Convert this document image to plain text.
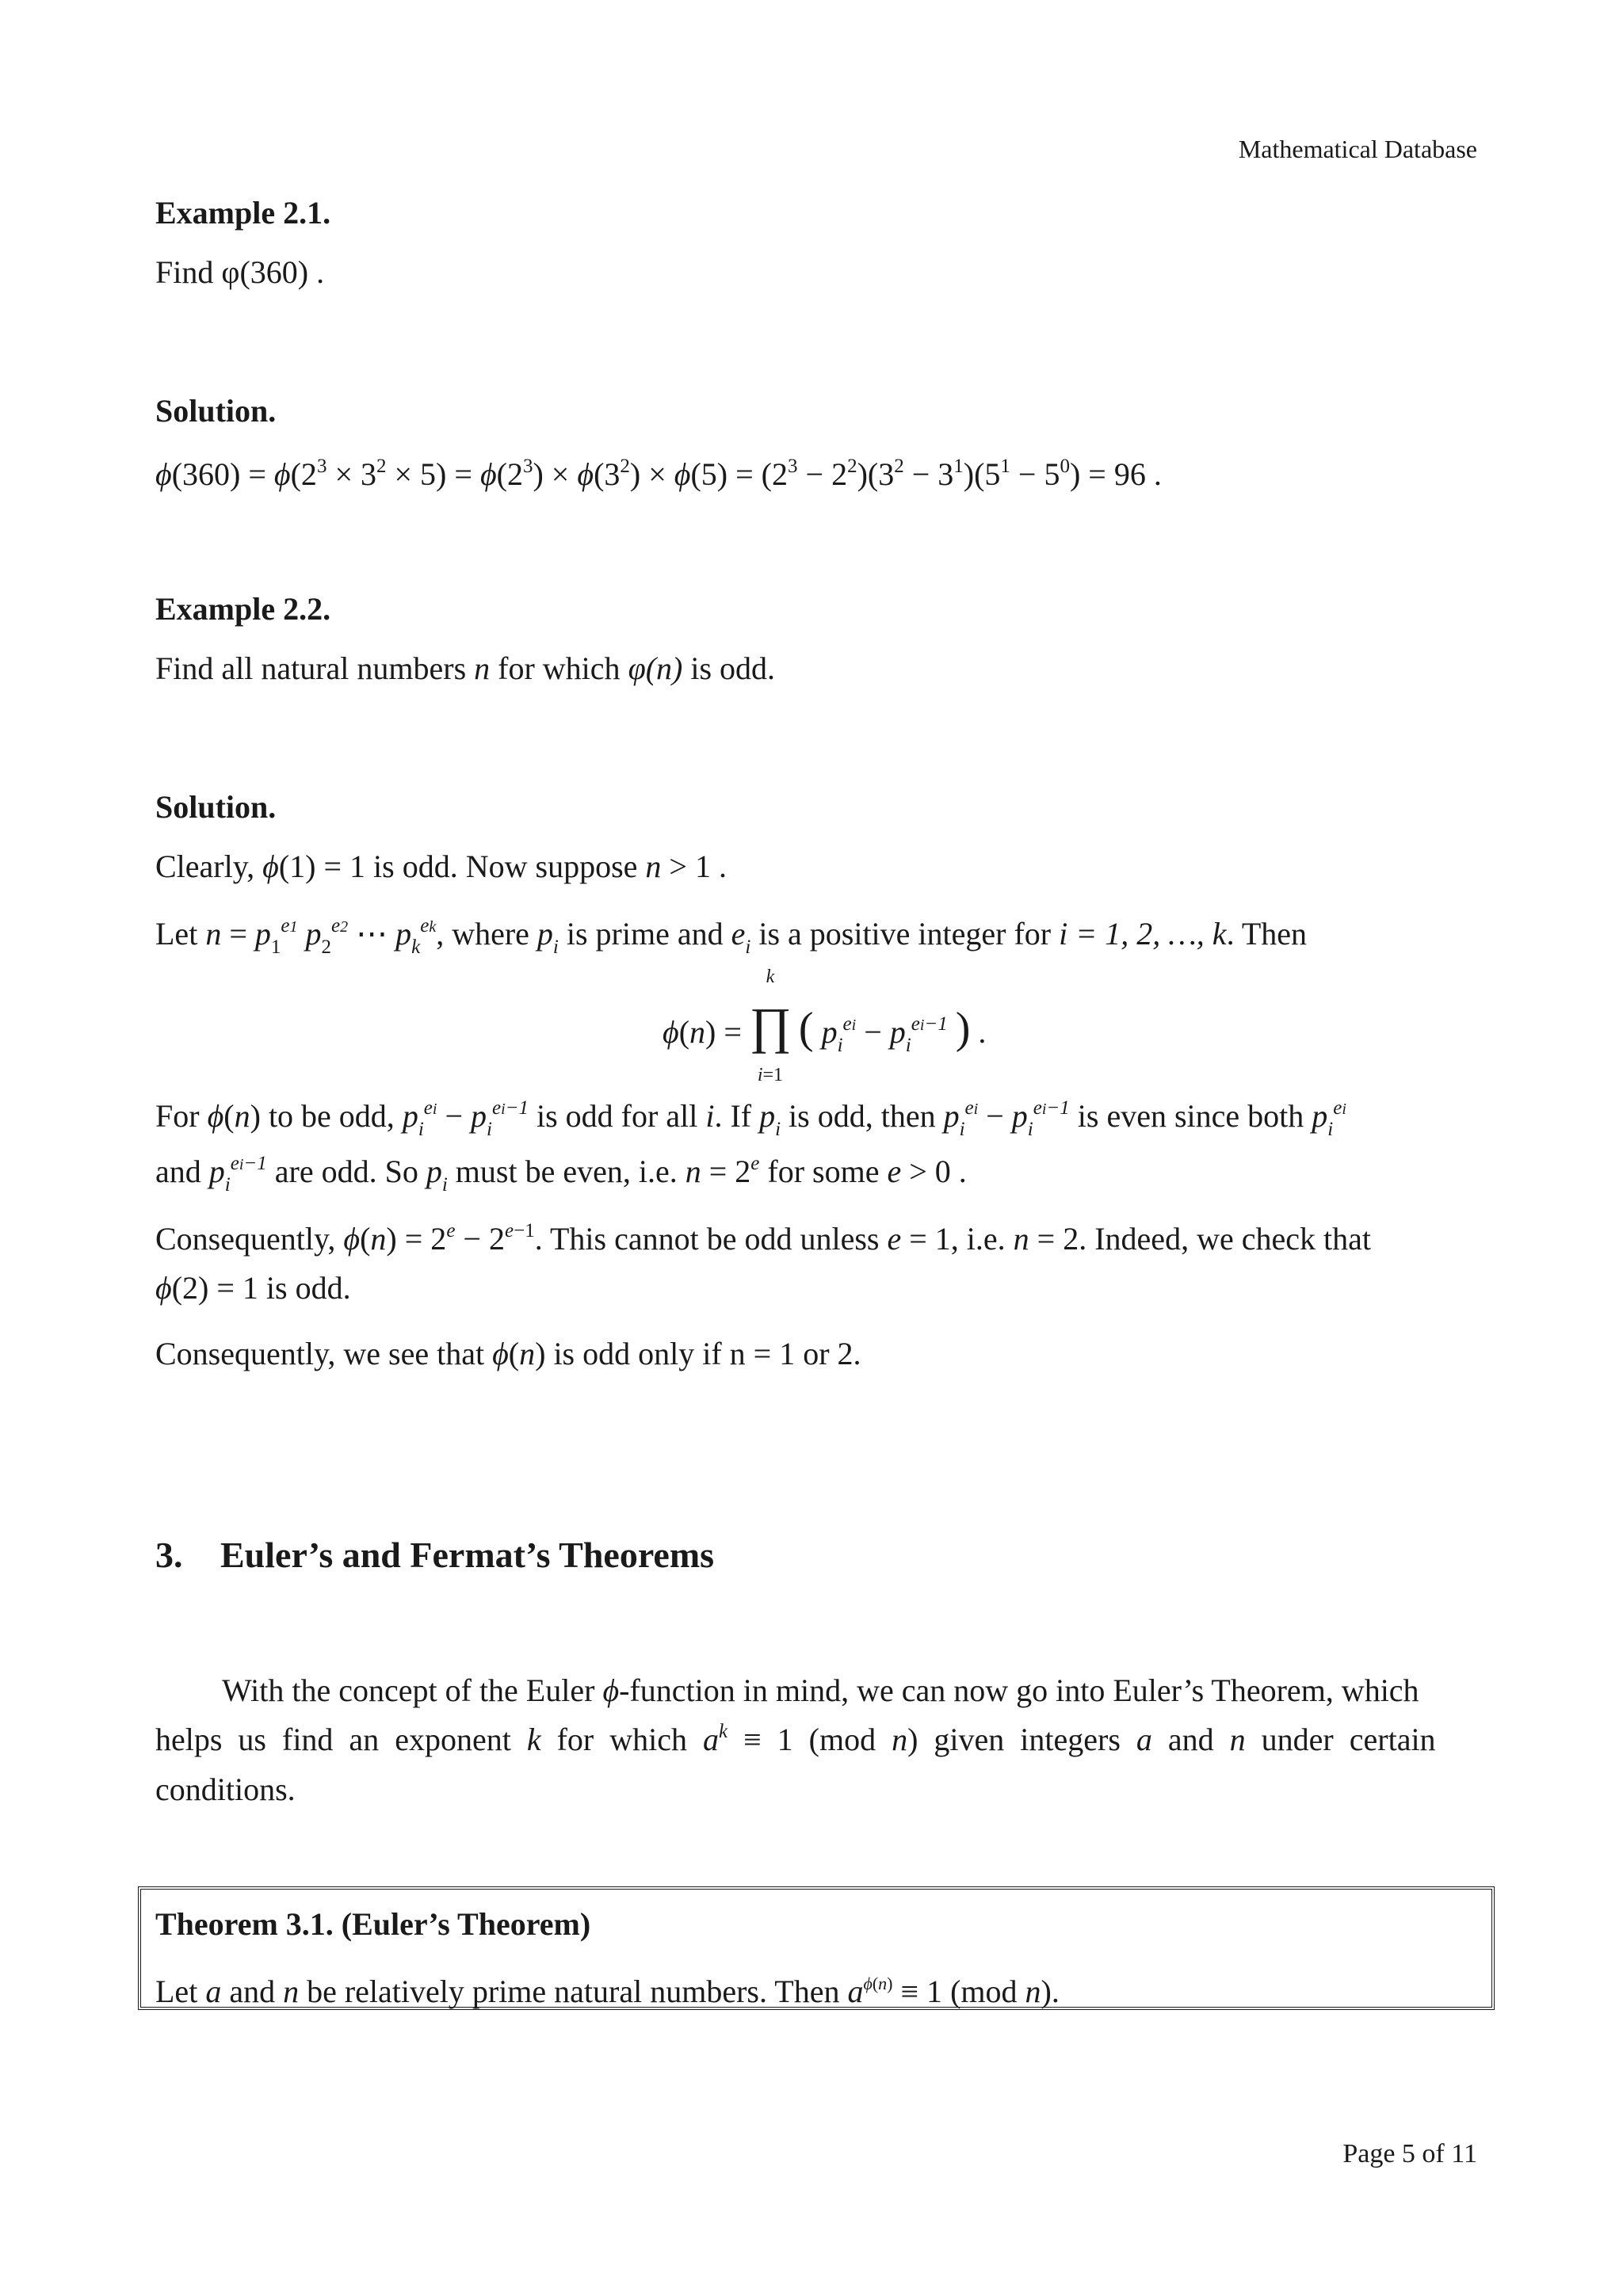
Mathematical Database
Example 2.1.
Find φ(360) .
Solution.
$\phi(360) = \phi(2^3 \times 3^2 \times 5) = \phi(2^3) \times \phi(3^2) \times \phi(5) = (2^3 - 2^2)(3^2 - 3^1)(5^1 - 5^0) = 96$ .
Example 2.2.
Find all natural numbers n for which φ(n) is odd.
Solution.
Clearly, ϕ(1) = 1 is odd. Now suppose n > 1 .
Let $n = p_1^{e1}$ $p_2^{e2}$ ⋯ $p_k^{ek}$, where $p_i$ is prime and $e_i$ is a positive integer for i = 1, 2, …, k. Then
ϕ(n) = ∏
k
i=1
( $p_i^{ei} - p_i^{ei-1}$ ) .
For ϕ(n) to be odd, $p_i^{ei} - p_i^{ei-1}$ is odd for all i. If $p_i$ is odd, then $p_i^{ei} - p_i^{ei-1}$ is even since both $p_i^{ei}$
and $p_i^{ei-1}$ are odd. So $p_i$ must be even, i.e. $n = 2^e$ for some e > 0 .
Consequently, $\phi(n) = 2^e - 2^{e-1}$. This cannot be odd unless e = 1, i.e. n = 2. Indeed, we check that
ϕ(2) = 1 is odd.
Consequently, we see that ϕ(n) is odd only if n = 1 or 2.
3. Euler’s and Fermat’s Theorems
With the concept of the Euler ϕ-function in mind, we can now go into Euler’s Theorem, which
helps us find an exponent k for which $a^k \equiv 1$ (mod n) given integers a and n under certain
conditions.
Theorem 3.1. (Euler’s Theorem)
Let a and n be relatively prime natural numbers. Then $a^{\phi(n)} \equiv 1$ (mod n).
Page 5 of 11
